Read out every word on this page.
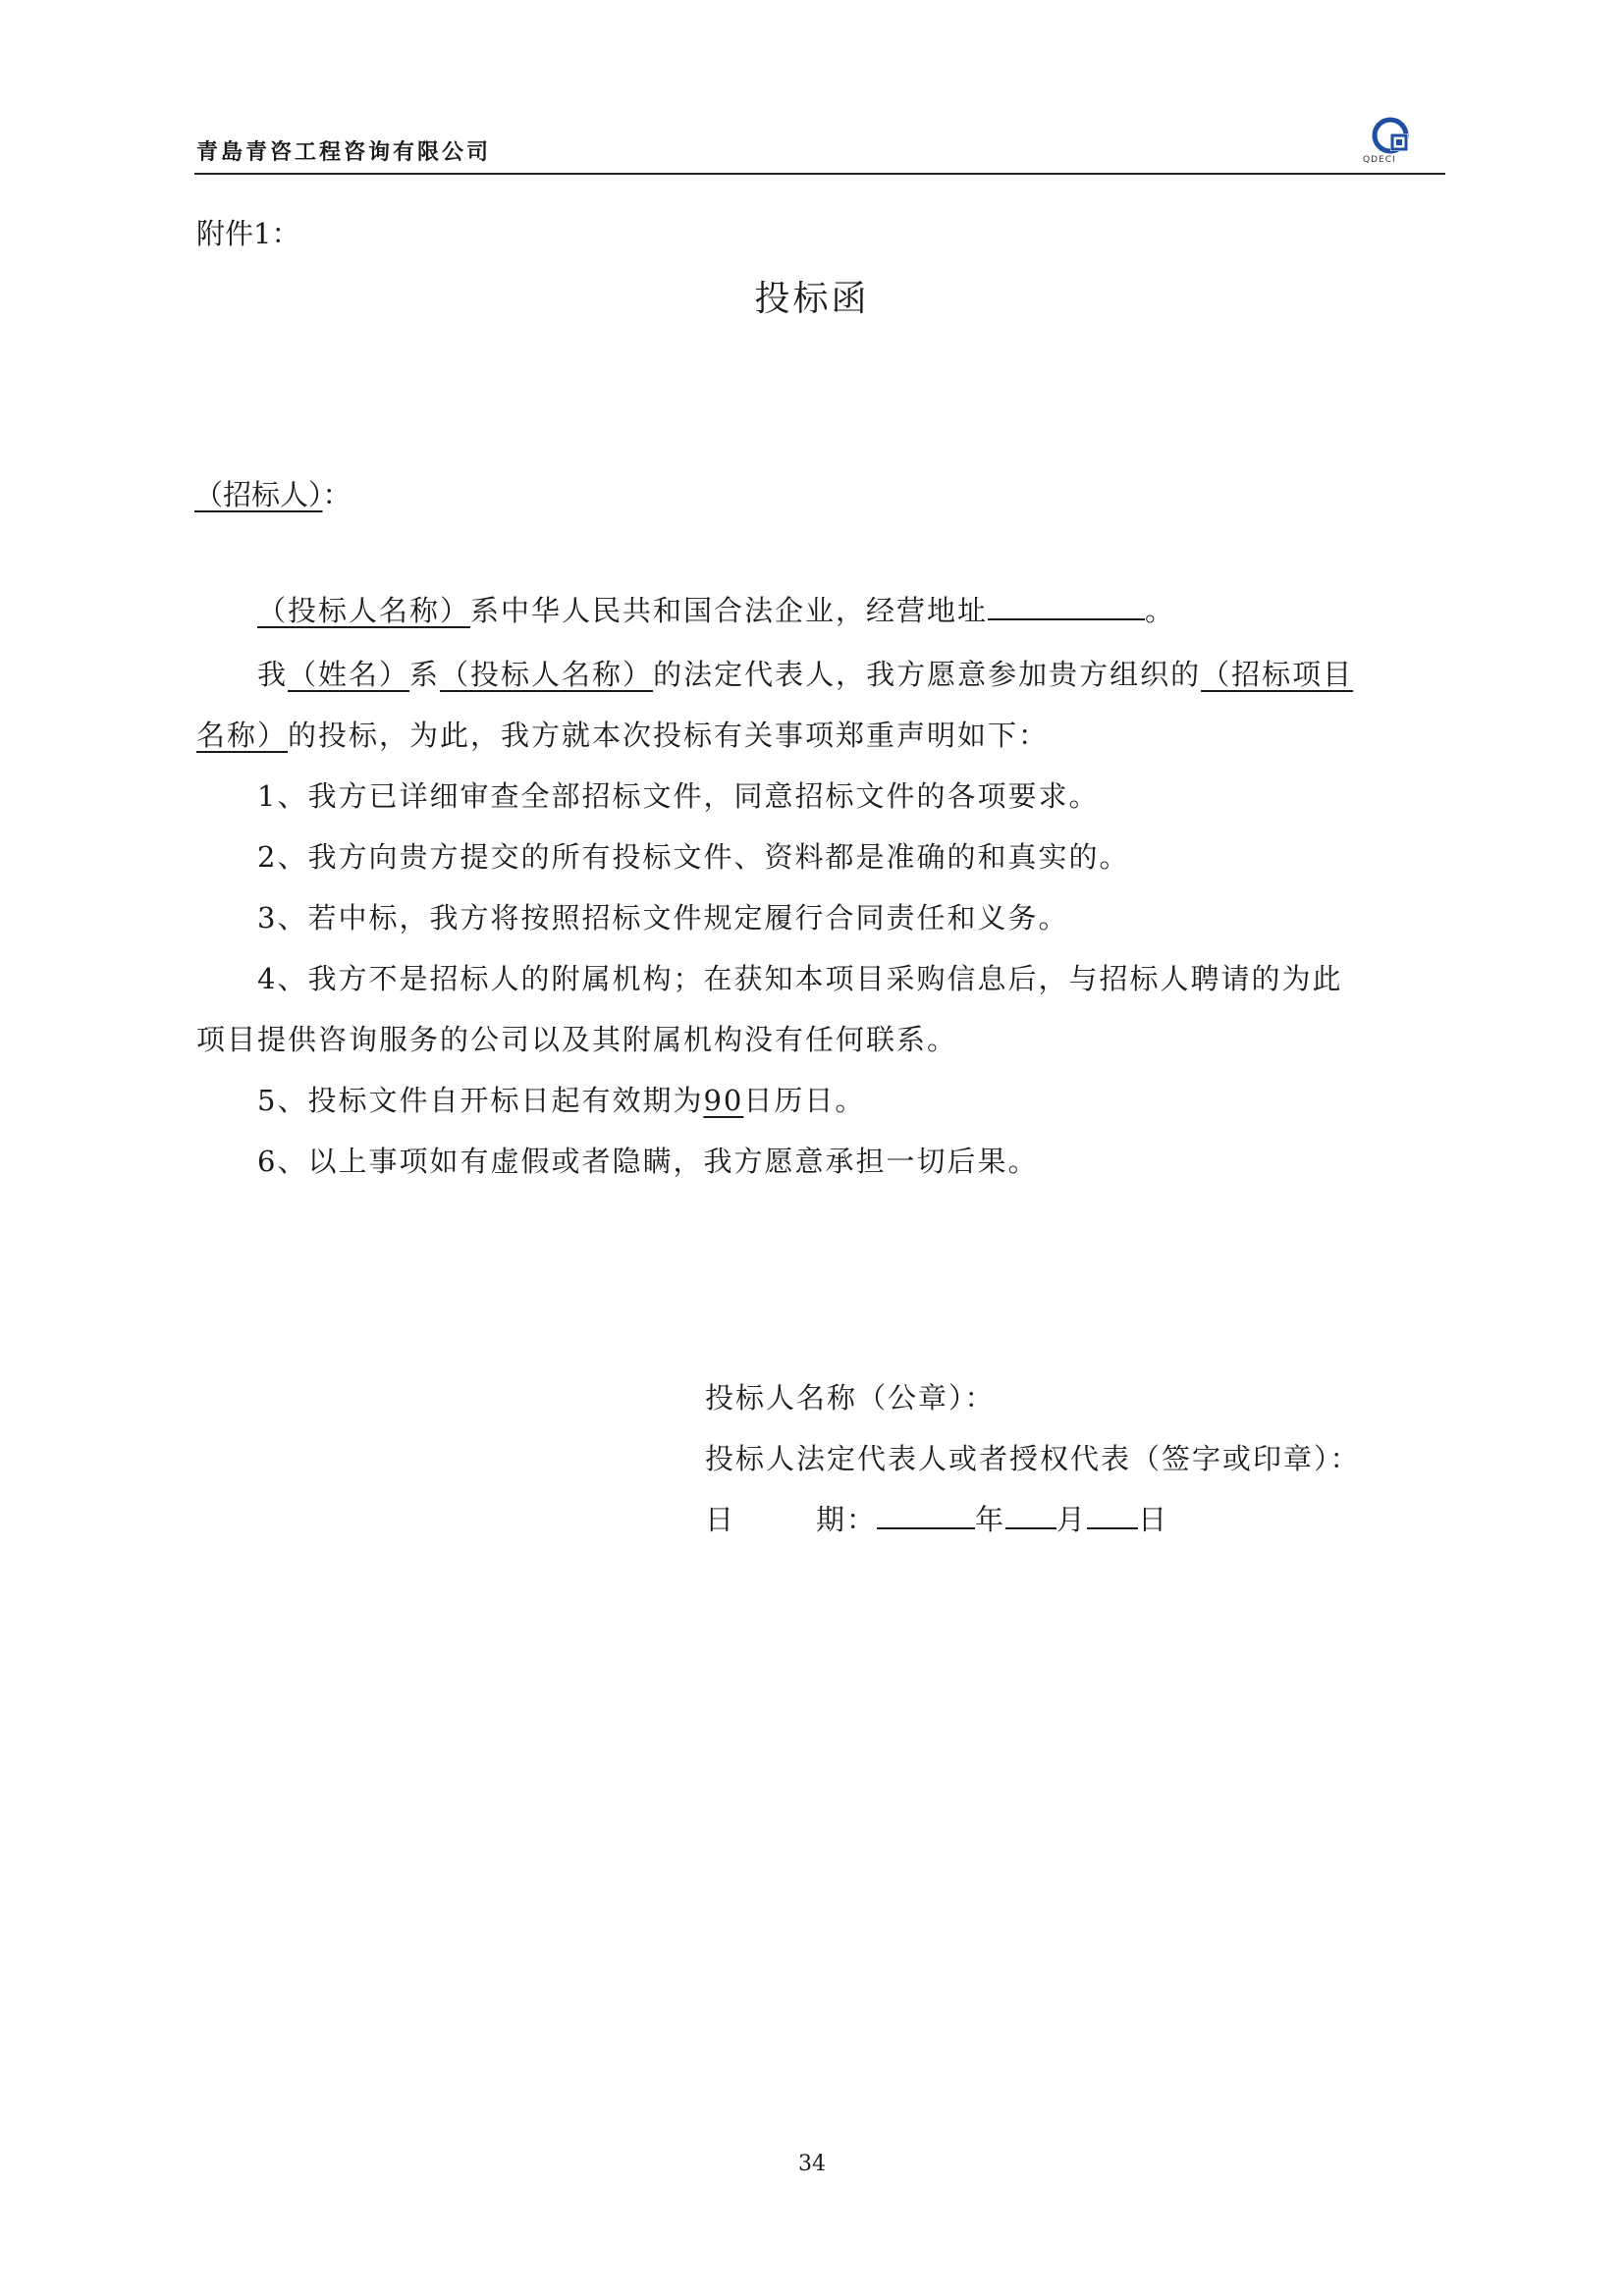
青島青咨工程咨询有限公司	QDECI
附件1：
投标函
（招标人）：
（投标人名称）系中华人民共和国合法企业，经营地址	。
我（姓名）系（投标人名称）的法定代表人，我方愿意参加贵方组织的（招标项目
名称）的投标，为此，我方就本次投标有关事项郑重声明如下：
1、我方已详细审查全部招标文件，同意招标文件的各项要求。
2、我方向贵方提交的所有投标文件、资料都是准确的和真实的。
3、若中标，我方将按照招标文件规定履行合同责任和义务。
4、我方不是招标人的附属机构；在获知本项目采购信息后，与招标人聘请的为此
项目提供咨询服务的公司以及其附属机构没有任何联系。
5、投标文件自开标日起有效期为90日历日。
6、以上事项如有虚假或者隐瞒，我方愿意承担一切后果。
投标人名称（公章）：
投标人法定代表人或者授权代表（签字或印章）：
日	期：	年 月 日
34
